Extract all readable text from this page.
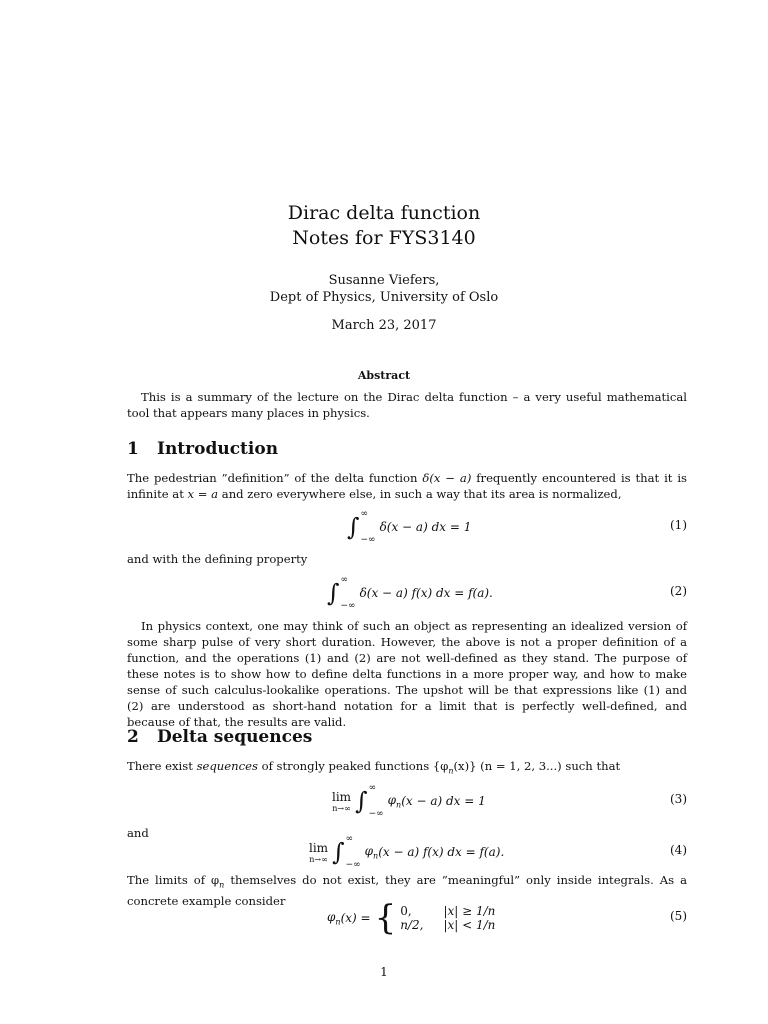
Dirac delta function
Notes for FYS3140
Susanne Viefers,
Dept of Physics, University of Oslo
March 23, 2017
Abstract

This is a summary of the lecture on the Dirac delta function – a very useful mathematical tool that appears many places in physics.

1 Introduction

The pedestrian ”definition” of the delta function δ(x − a) frequently encountered is that it is infinite at x = a and zero everywhere else, in such a way that its area is normalized,

∫ ∞
−∞
δ(x − a) dx = 1	(1)

and with the defining property

∫ ∞
−∞
δ(x − a) f(x) dx = f(a).	(2)

In physics context, one may think of such an object as representing an idealized version of some sharp pulse of very short duration. However, the above is not a proper definition of a function, and the operations (1) and (2) are not well-defined as they stand. The purpose of these notes is to show how to define delta functions in a more proper way, and how to make sense of such calculus-lookalike operations. The upshot will be that expressions like (1) and (2) are understood as short-hand notation for a limit that is perfectly well-defined, and because of that, the results are valid.

2 Delta sequences

There exist sequences of strongly peaked functions $\{\varphi_n(x)\} (n = 1$, 2, 3...) such that

lim
n→∞ ∫ ∞
−∞
$\varphi_n$ (x − a) dx = 1	(3)

and

lim
n→∞ ∫ ∞
−∞
$\varphi_n$ (x − a) f(x) dx = f(a).	(4)

The limits of $\varphi_n$ themselves do not exist, they are ”meaningful” only inside integrals. As a concrete example consider

$\varphi_n$ (x) = { 0,	|x| ≥ 1/n
n/2, |x| < 1/n
(5)
1
